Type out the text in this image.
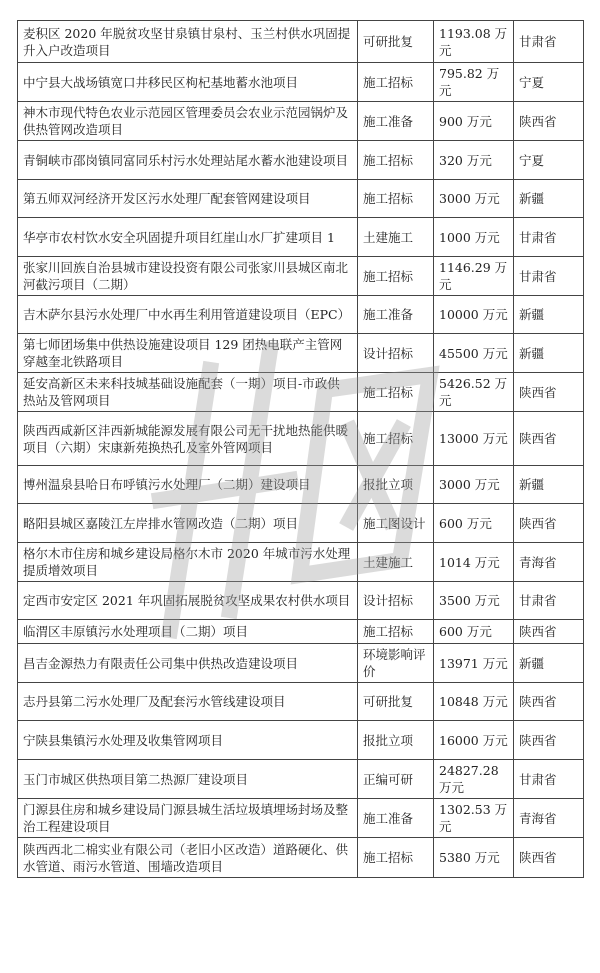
麦积区 2020 年脱贫攻坚甘泉镇甘泉村、玉兰村供水巩固提升入户改造项目	可研批复	1193.08 万元	甘肃省
中宁县大战场镇宽口井移民区枸杞基地蓄水池项目	施工招标	795.82 万元	宁夏
神木市现代特色农业示范园区管理委员会农业示范园锅炉及供热管网改造项目	施工准备	900 万元	陕西省
青铜峡市邵岗镇同富同乐村污水处理站尾水蓄水池建设项目	施工招标	320 万元	宁夏
第五师双河经济开发区污水处理厂配套管网建设项目	施工招标	3000 万元	新疆
华亭市农村饮水安全巩固提升项目红崖山水厂扩建项目 1	土建施工	1000 万元	甘肃省
张家川回族自治县城市建设投资有限公司张家川县城区南北河截污项目（二期）	施工招标	1146.29 万元	甘肃省
吉木萨尔县污水处理厂中水再生利用管道建设项目（EPC）	施工准备	10000 万元	新疆
第七师团场集中供热设施建设项目 129 团热电联产主管网穿越奎北铁路项目	设计招标	45500 万元	新疆
延安高新区未来科技城基础设施配套（一期）项目-市政供热站及管网项目	施工招标	5426.52 万元	陕西省
陕西西咸新区沣西新城能源发展有限公司无干扰地热能供暖项目（六期）宋康新苑换热孔及室外管网项目	施工招标	13000 万元	陕西省
博州温泉县哈日布呼镇污水处理厂（二期）建设项目	报批立项	3000 万元	新疆
略阳县城区嘉陵江左岸排水管网改造（二期）项目	施工图设计	600 万元	陕西省
格尔木市住房和城乡建设局格尔木市 2020 年城市污水处理提质增效项目	土建施工	1014 万元	青海省
定西市安定区 2021 年巩固拓展脱贫攻坚成果农村供水项目	设计招标	3500 万元	甘肃省
临渭区丰原镇污水处理项目（二期）项目	施工招标	600 万元	陕西省
昌吉金源热力有限责任公司集中供热改造建设项目	环境影响评价	13971 万元	新疆
志丹县第二污水处理厂及配套污水管线建设项目	可研批复	10848 万元	陕西省
宁陕县集镇污水处理及收集管网项目	报批立项	16000 万元	陕西省
玉门市城区供热项目第二热源厂建设项目	正编可研	24827.28 万元	甘肃省
门源县住房和城乡建设局门源县城生活垃圾填埋场封场及整治工程建设项目	施工准备	1302.53 万元	青海省
陕西西北二棉实业有限公司（老旧小区改造）道路硬化、供水管道、雨污水管道、围墙改造项目	施工招标	5380 万元	陕西省
